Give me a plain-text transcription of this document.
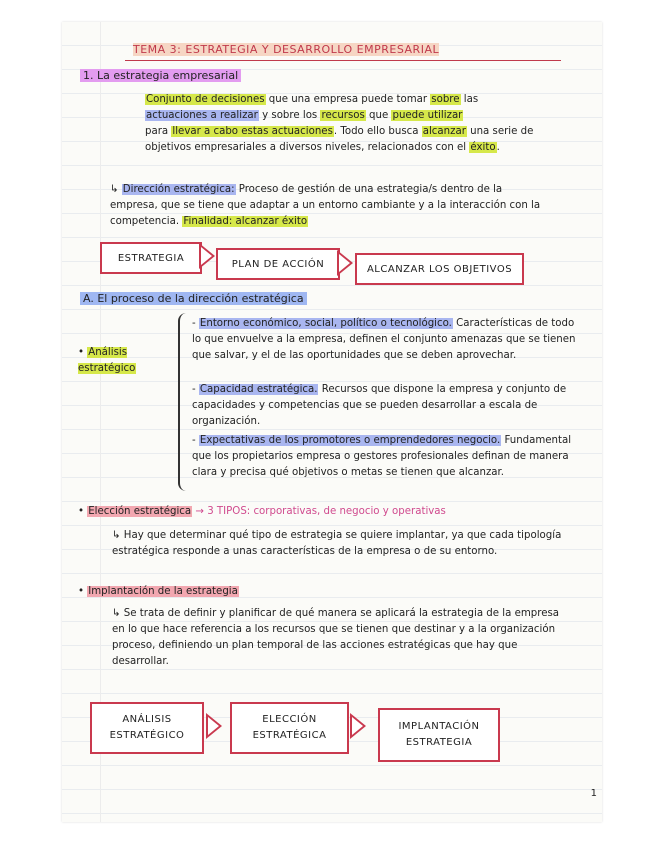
TEMA 3: ESTRATEGIA Y DESARROLLO EMPRESARIAL
1. La estrategia empresarial
Conjunto de decisiones que una empresa puede tomar sobre las
actuaciones a realizar y sobre los recursos que puede utilizar
para llevar a cabo estas actuaciones. Todo ello busca alcanzar una serie de objetivos empresariales a diversos niveles, relacionados con el éxito.
↳ Dirección estratégica: Proceso de gestión de una estrategia/s dentro de la empresa, que se tiene que adaptar a un entorno cambiante y a la interacción con la competencia. Finalidad: alcanzar éxito
ESTRATEGIA
PLAN DE ACCIÓN	ALCANZAR LOS OBJETIVOS
A. El proceso de la dirección estratégica
• Análisis estratégico
- Entorno económico, social, político o tecnológico. Características de todo lo que envuelve a la empresa, definen el conjunto amenazas que se tienen que salvar, y el de las oportunidades que se deben aprovechar.
- Capacidad estratégica. Recursos que dispone la empresa y conjunto de capacidades y competencias que se pueden desarrollar a escala de organización.
- Expectativas de los promotores o emprendedores negocio. Fundamental que los propietarios empresa o gestores profesionales definan de manera clara y precisa qué objetivos o metas se tienen que alcanzar.
• Elección estratégica → 3 TIPOS: corporativas, de negocio y operativas
↳ Hay que determinar qué tipo de estrategia se quiere implantar, ya que cada tipología estratégica responde a unas características de la empresa o de su entorno.
• Implantación de la estrategia
↳ Se trata de definir y planificar de qué manera se aplicará la estrategia de la empresa en lo que hace referencia a los recursos que se tienen que destinar y a la organización proceso, definiendo un plan temporal de las acciones estratégicas que hay que desarrollar.
ANÁLISIS ESTRATÉGICO
ELECCIÓN ESTRATÉGICA
IMPLANTACIÓN ESTRATEGIA
1
